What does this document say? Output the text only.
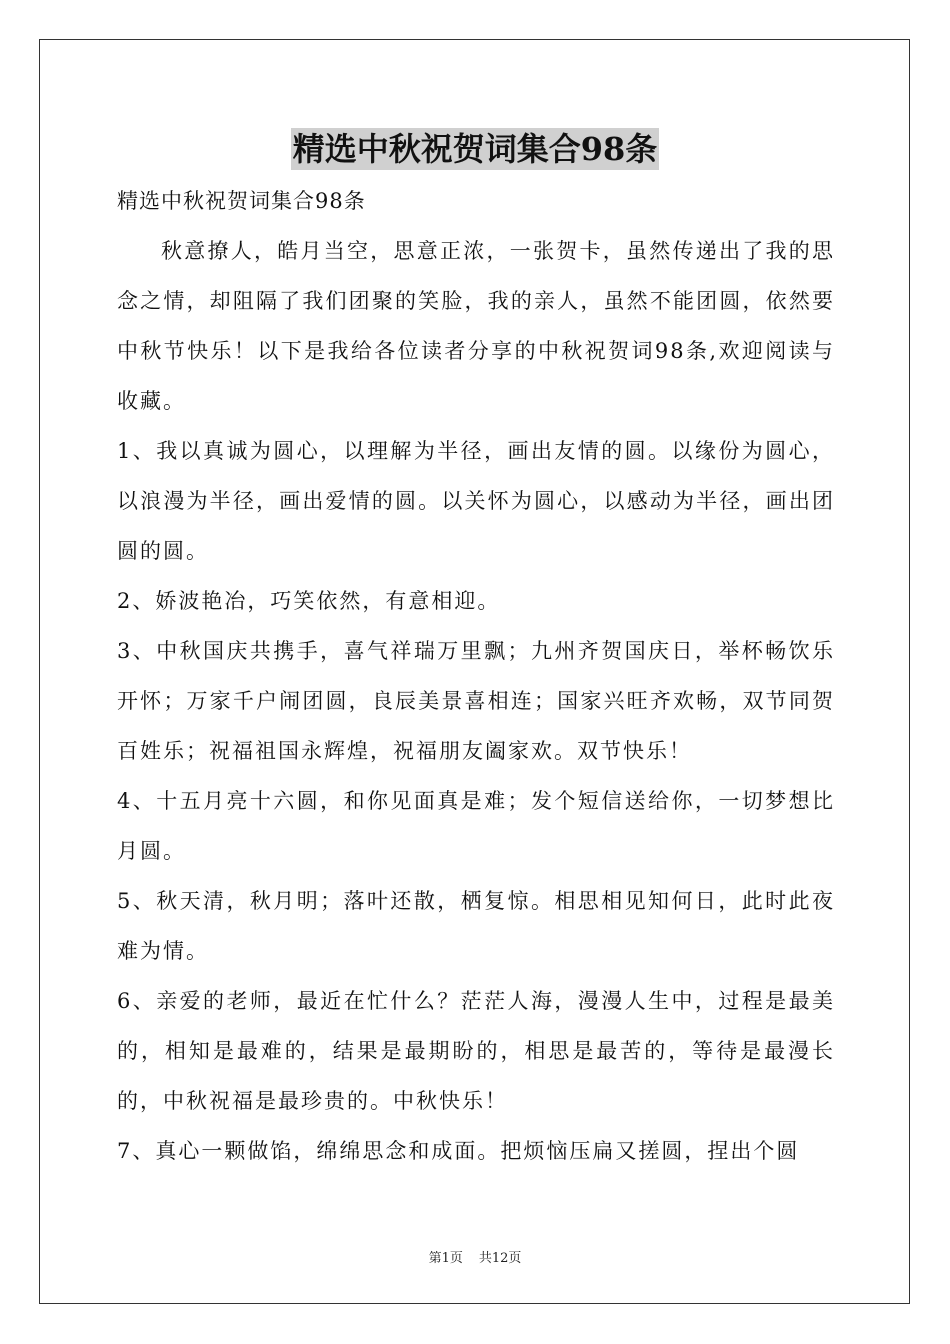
精选中秋祝贺词集合98条

精选中秋祝贺词集合98条

秋意撩人，皓月当空，思意正浓，一张贺卡，虽然传递出了我的思念之情，却阻隔了我们团聚的笑脸，我的亲人，虽然不能团圆，依然要中秋节快乐！以下是我给各位读者分享的中秋祝贺词98条,欢迎阅读与收藏。

1、我以真诚为圆心，以理解为半径，画出友情的圆。以缘份为圆心，以浪漫为半径，画出爱情的圆。以关怀为圆心，以感动为半径，画出团圆的圆。

2、娇波艳冶，巧笑依然，有意相迎。

3、中秋国庆共携手，喜气祥瑞万里飘；九州齐贺国庆日，举杯畅饮乐开怀；万家千户闹团圆，良辰美景喜相连；国家兴旺齐欢畅，双节同贺百姓乐；祝福祖国永辉煌，祝福朋友阖家欢。双节快乐！

4、十五月亮十六圆，和你见面真是难；发个短信送给你，一切梦想比月圆。

5、秋天清，秋月明；落叶还散，栖复惊。相思相见知何日，此时此夜难为情。

6、亲爱的老师，最近在忙什么？茫茫人海，漫漫人生中，过程是最美的，相知是最难的，结果是最期盼的，相思是最苦的，等待是最漫长的，中秋祝福是最珍贵的。中秋快乐！

7、真心一颗做馅，绵绵思念和成面。把烦恼压扁又搓圆，捏出个圆

第1页 共12页
